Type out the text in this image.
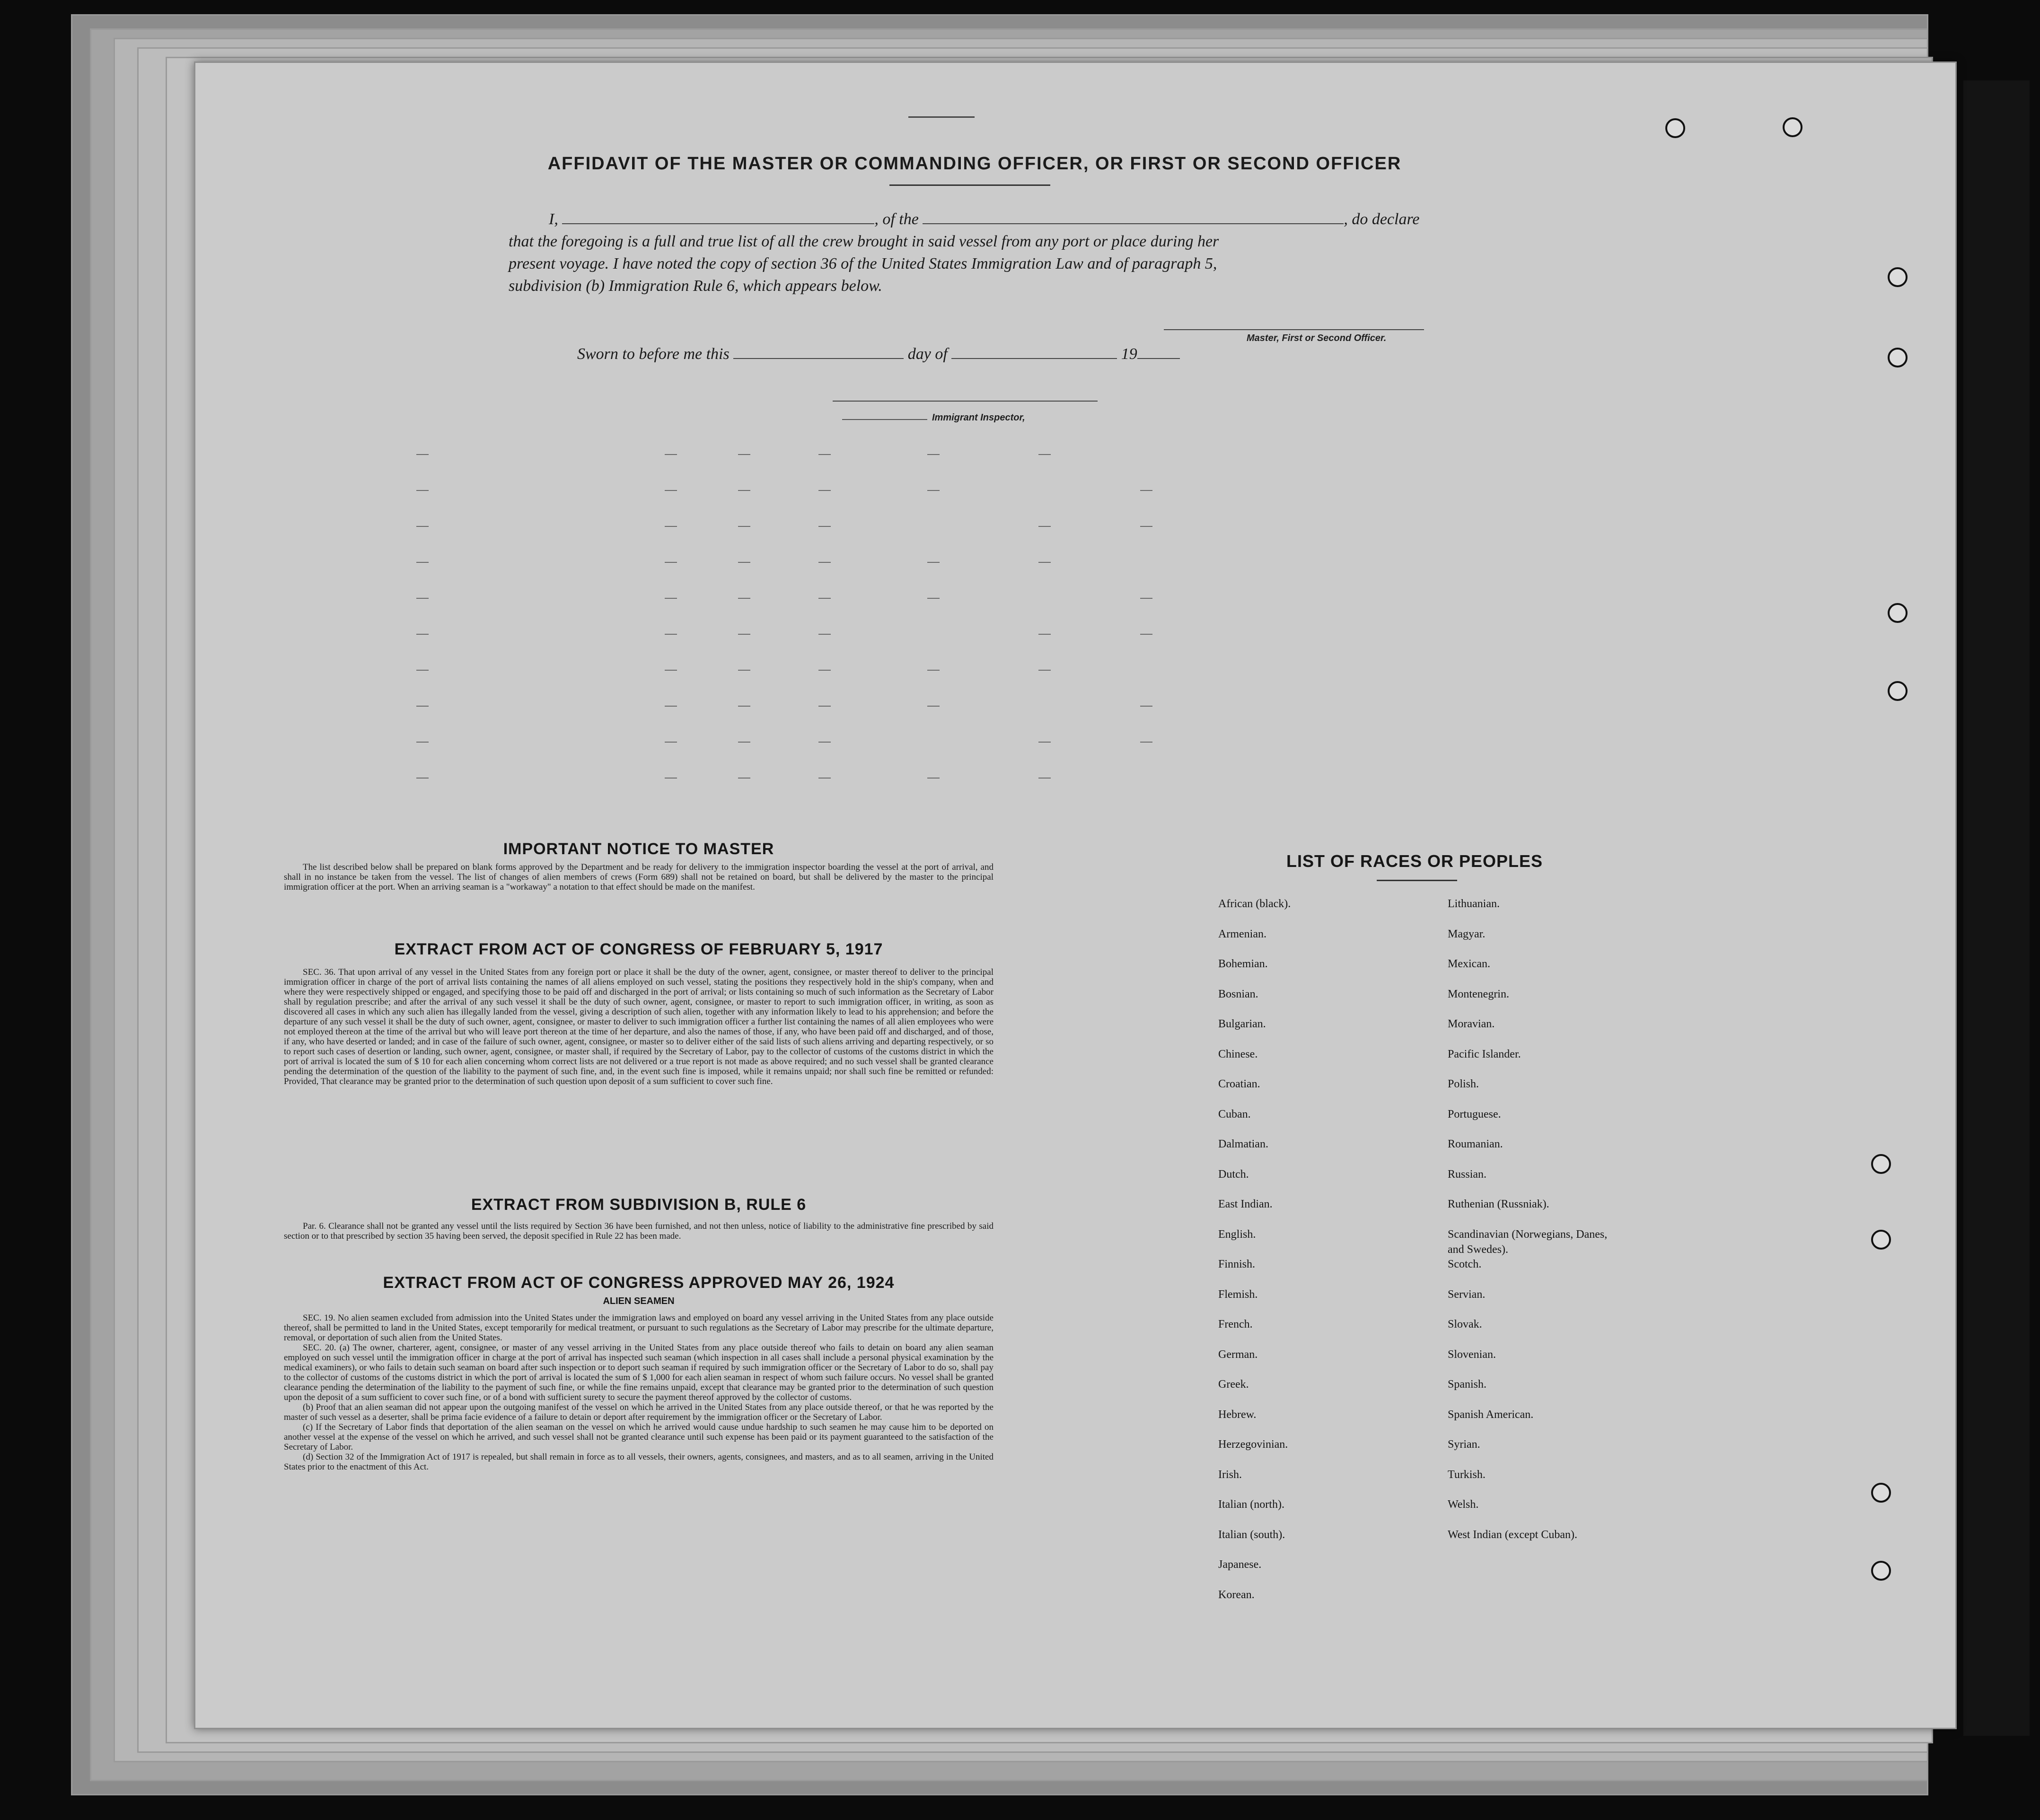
AFFIDAVIT OF THE MASTER OR COMMANDING OFFICER, OR FIRST OR SECOND OFFICER
I,	, of the	, do declare
that the foregoing is a full and true list of all the crew brought in said vessel from any port or place during her
present voyage. I have noted the copy of section 36 of the United States Immigration Law and of paragraph 5,
subdivision (b) Immigration Rule 6, which appears below.
Master, First or Second Officer.
Sworn to before me this	day of	19
Immigrant Inspector,
IMPORTANT NOTICE TO MASTER

The list described below shall be prepared on blank forms approved by the Department and be ready for delivery to the immigration inspector boarding the vessel at the port of arrival, and shall in no instance be taken from the vessel. The list of changes of alien members of crews (Form 689) shall not be retained on board, but shall be delivered by the master to the principal immigration officer at the port. When an arriving seaman is a "workaway" a notation to that effect should be made on the manifest.

EXTRACT FROM ACT OF CONGRESS OF FEBRUARY 5, 1917

SEC. 36. That upon arrival of any vessel in the United States from any foreign port or place it shall be the duty of the owner, agent, consignee, or master thereof to deliver to the principal immigration officer in charge of the port of arrival lists containing the names of all aliens employed on such vessel, stating the positions they respectively hold in the ship's company, when and where they were respectively shipped or engaged, and specifying those to be paid off and discharged in the port of arrival; or lists containing so much of such information as the Secretary of Labor shall by regulation prescribe; and after the arrival of any such vessel it shall be the duty of such owner, agent, consignee, or master to report to such immigration officer, in writing, as soon as discovered all cases in which any such alien has illegally landed from the vessel, giving a description of such alien, together with any information likely to lead to his apprehension; and before the departure of any such vessel it shall be the duty of such owner, agent, consignee, or master to deliver to such immigration officer a further list containing the names of all alien employees who were not employed thereon at the time of the arrival but who will leave port thereon at the time of her departure, and also the names of those, if any, who have been paid off and discharged, and of those, if any, who have deserted or landed; and in case of the failure of such owner, agent, consignee, or master so to deliver either of the said lists of such aliens arriving and departing respectively, or so to report such cases of desertion or landing, such owner, agent, consignee, or master shall, if required by the Secretary of Labor, pay to the collector of customs of the customs district in which the port of arrival is located the sum of $ 10 for each alien concerning whom correct lists are not delivered or a true report is not made as above required; and no such vessel shall be granted clearance pending the determination of the question of the liability to the payment of such fine, and, in the event such fine is imposed, while it remains unpaid; nor shall such fine be remitted or refunded: Provided, That clearance may be granted prior to the determination of such question upon deposit of a sum sufficient to cover such fine.

EXTRACT FROM SUBDIVISION B, RULE 6

Par. 6. Clearance shall not be granted any vessel until the lists required by Section 36 have been furnished, and not then unless, notice of liability to the administrative fine prescribed by said section or to that prescribed by section 35 having been served, the deposit specified in Rule 22 has been made.

EXTRACT FROM ACT OF CONGRESS APPROVED MAY 26, 1924
ALIEN SEAMEN

SEC. 19. No alien seamen excluded from admission into the United States under the immigration laws and employed on board any vessel arriving in the United States from any place outside thereof, shall be permitted to land in the United States, except temporarily for medical treatment, or pursuant to such regulations as the Secretary of Labor may prescribe for the ultimate departure, removal, or deportation of such alien from the United States.

SEC. 20. (a) The owner, charterer, agent, consignee, or master of any vessel arriving in the United States from any place outside thereof who fails to detain on board any alien seaman employed on such vessel until the immigration officer in charge at the port of arrival has inspected such seaman (which inspection in all cases shall include a personal physical examination by the medical examiners), or who fails to detain such seaman on board after such inspection or to deport such seaman if required by such immigration officer or the Secretary of Labor to do so, shall pay to the collector of customs of the customs district in which the port of arrival is located the sum of $ 1,000 for each alien seaman in respect of whom such failure occurs. No vessel shall be granted clearance pending the determination of the liability to the payment of such fine, or while the fine remains unpaid, except that clearance may be granted prior to the determination of such question upon the deposit of a sum sufficient to cover such fine, or of a bond with sufficient surety to secure the payment thereof approved by the collector of customs.

(b) Proof that an alien seaman did not appear upon the outgoing manifest of the vessel on which he arrived in the United States from any place outside thereof, or that he was reported by the master of such vessel as a deserter, shall be prima facie evidence of a failure to detain or deport after requirement by the immigration officer or the Secretary of Labor.

(c) If the Secretary of Labor finds that deportation of the alien seaman on the vessel on which he arrived would cause undue hardship to such seamen he may cause him to be deported on another vessel at the expense of the vessel on which he arrived, and such vessel shall not be granted clearance until such expense has been paid or its payment guaranteed to the satisfaction of the Secretary of Labor.

(d) Section 32 of the Immigration Act of 1917 is repealed, but shall remain in force as to all vessels, their owners, agents, consignees, and masters, and as to all seamen, arriving in the United States prior to the enactment of this Act.

LIST OF RACES OR PEOPLES
African (black).
Armenian.
Bohemian.
Bosnian.
Bulgarian.
Chinese.
Croatian.
Cuban.
Dalmatian.
Dutch.
East Indian.
English.
Finnish.
Flemish.
French.
German.
Greek.
Hebrew.
Herzegovinian.
Irish.
Italian (north).
Italian (south).
Japanese.
Korean.
Lithuanian.
Magyar.
Mexican.
Montenegrin.
Moravian.
Pacific Islander.
Polish.
Portuguese.
Roumanian.
Russian.
Ruthenian (Russniak).
Scandinavian (Norwegians, Danes, and Swedes).
Scotch.
Servian.
Slovak.
Slovenian.
Spanish.
Spanish American.
Syrian.
Turkish.
Welsh.
West Indian (except Cuban).
